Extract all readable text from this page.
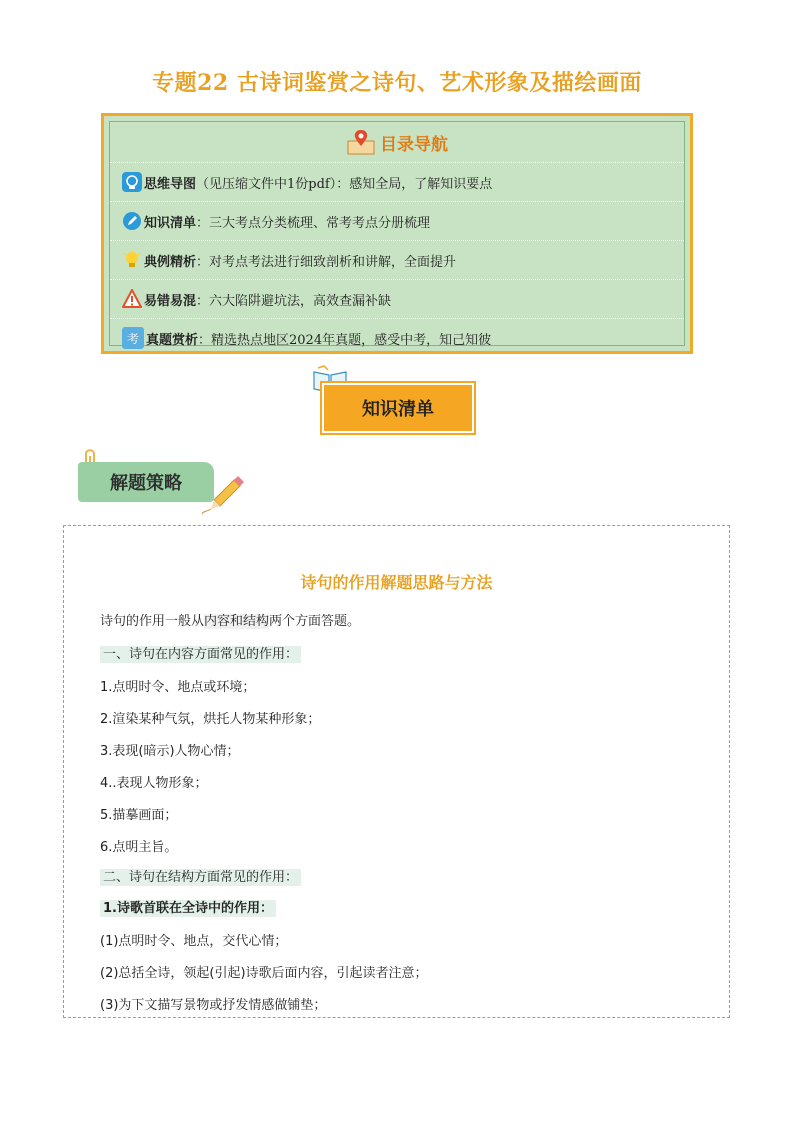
专题22 古诗词鉴赏之诗句、艺术形象及描绘画面
目录导航
思维导图 （见压缩文件中1份pdf）：感知全局，了解知识要点
知识清单 ：三大考点分类梳理、常考考点分册梳理
典例精析 ：对考点考法进行细致剖析和讲解，全面提升
易错易混 ：六大陷阱避坑法，高效查漏补缺
考 真题赏析 ：精选热点地区2024年真题，感受中考，知己知彼
知识清单
解题策略
诗句的作用解题思路与方法
诗句的作用一般从内容和结构两个方面答题。
一、诗句在内容方面常见的作用：
1.点明时令、地点或环境；
2.渲染某种气氛，烘托人物某种形象；
3.表现(暗示)人物心情；
4..表现人物形象；
5.描摹画面；
6.点明主旨。
二、诗句在结构方面常见的作用：
1.诗歌首联在全诗中的作用：
(1)点明时令、地点，交代心情；
(2)总括全诗，领起(引起)诗歌后面内容，引起读者注意；
(3)为下文描写景物或抒发情感做铺垫；
